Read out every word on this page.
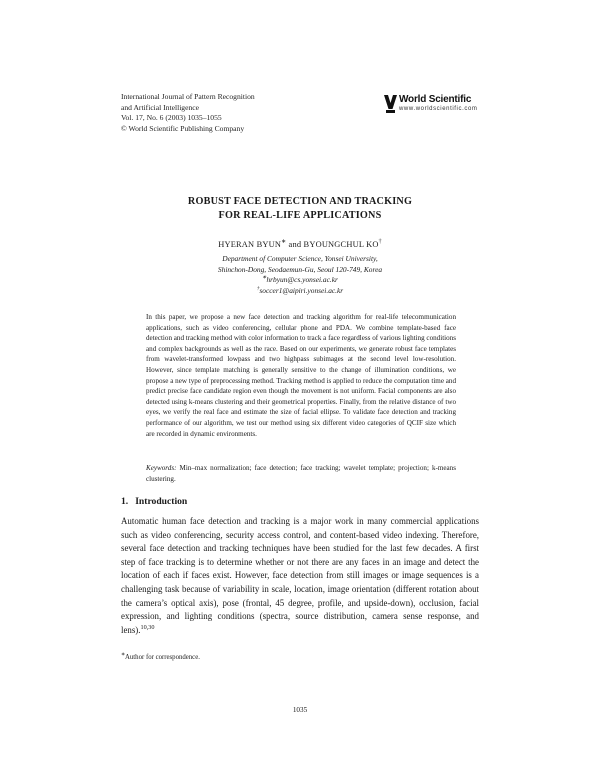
International Journal of Pattern Recognition
and Artificial Intelligence
Vol. 17, No. 6 (2003) 1035–1055
© World Scientific Publishing Company
World Scientific
www.worldscientific.com
ROBUST FACE DETECTION AND TRACKING
FOR REAL-LIFE APPLICATIONS
HYERAN BYUN∗ and BYOUNGCHUL KO†
Department of Computer Science, Yonsei University,
Shinchon-Dong, Seodaemun-Gu, Seoul 120-749, Korea
∗hrbyun@cs.yonsei.ac.kr
†soccer1@aipiri.yonsei.ac.kr
In this paper, we propose a new face detection and tracking algorithm for real-life telecommunication applications, such as video conferencing, cellular phone and PDA. We combine template-based face detection and tracking method with color information to track a face regardless of various lighting conditions and complex backgrounds as well as the race. Based on our experiments, we generate robust face templates from wavelet-transformed lowpass and two highpass subimages at the second level low-resolution. However, since template matching is generally sensitive to the change of illumination conditions, we propose a new type of preprocessing method. Tracking method is applied to reduce the computation time and predict precise face candidate region even though the movement is not uniform. Facial components are also detected using k-means clustering and their geometrical properties. Finally, from the relative distance of two eyes, we verify the real face and estimate the size of facial ellipse. To validate face detection and tracking performance of our algorithm, we test our method using six different video categories of QCIF size which are recorded in dynamic environments.
Keywords: Min–max normalization; face detection; face tracking; wavelet template; projection; k-means clustering.
1. Introduction
Automatic human face detection and tracking is a major work in many commercial applications such as video conferencing, security access control, and content-based video indexing. Therefore, several face detection and tracking techniques have been studied for the last few decades. A first step of face tracking is to determine whether or not there are any faces in an image and detect the location of each if faces exist. However, face detection from still images or image sequences is a challenging task because of variability in scale, location, image orientation (different rotation about the camera’s optical axis), pose (frontal, 45 degree, profile, and upside-down), occlusion, facial expression, and lighting conditions (spectra, source distribution, camera sense response, and lens).$^{10,30}$
∗Author for correspondence.
1035
